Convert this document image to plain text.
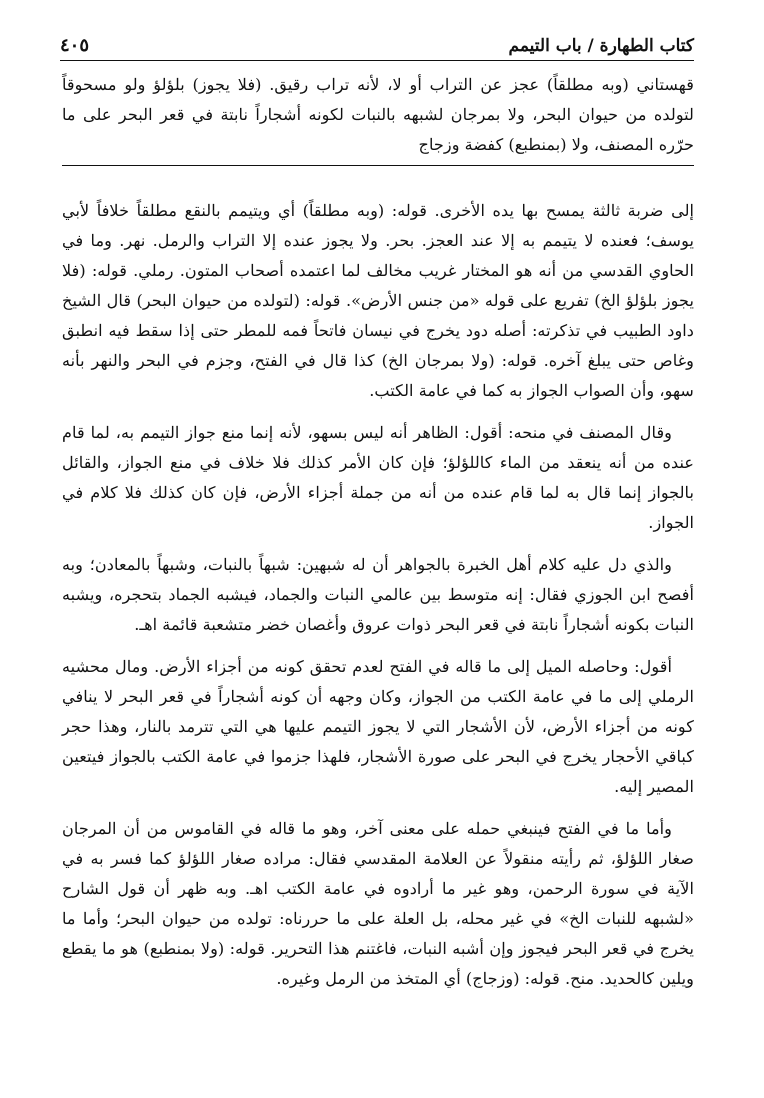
كتاب الطهارة / باب التيمم
٤٠٥
قهستاني (وبه مطلقاً) عجز عن التراب أو لا، لأنه تراب رقيق. (فلا يجوز) بلؤلؤ ولو مسحوقاً لتولده من حيوان البحر، ولا بمرجان لشبهه بالنبات لكونه أشجاراً نابتة في قعر البحر على ما حرّره المصنف، ولا (بمنطبع) كفضة وزجاج

إلى ضربة ثالثة يمسح بها يده الأخرى. قوله: (وبه مطلقاً) أي ويتيمم بالنقع مطلقاً خلافاً لأبي يوسف؛ فعنده لا يتيمم به إلا عند العجز. بحر. ولا يجوز عنده إلا التراب والرمل. نهر. وما في الحاوي القدسي من أنه هو المختار غريب مخالف لما اعتمده أصحاب المتون. رملي. قوله: (فلا يجوز بلؤلؤ الخ) تفريع على قوله «من جنس الأرض». قوله: (لتولده من حيوان البحر) قال الشيخ داود الطبيب في تذكرته: أصله دود يخرج في نيسان فاتحاً فمه للمطر حتى إذا سقط فيه انطبق وغاص حتى يبلغ آخره. قوله: (ولا بمرجان الخ) كذا قال في الفتح، وجزم في البحر والنهر بأنه سهو، وأن الصواب الجواز به كما في عامة الكتب.

وقال المصنف في منحه: أقول: الظاهر أنه ليس بسهو، لأنه إنما منع جواز التيمم به، لما قام عنده من أنه ينعقد من الماء كاللؤلؤ؛ فإن كان الأمر كذلك فلا خلاف في منع الجواز، والقائل بالجواز إنما قال به لما قام عنده من أنه من جملة أجزاء الأرض، فإن كان كذلك فلا كلام في الجواز.

والذي دل عليه كلام أهل الخبرة بالجواهر أن له شبهين: شبهاً بالنبات، وشبهاً بالمعادن؛ وبه أفصح ابن الجوزي فقال: إنه متوسط بين عالمي النبات والجماد، فيشبه الجماد بتحجره، ويشبه النبات بكونه أشجاراً نابتة في قعر البحر ذوات عروق وأغصان خضر متشعبة قائمة اهـ.

أقول: وحاصله الميل إلى ما قاله في الفتح لعدم تحقق كونه من أجزاء الأرض. ومال محشيه الرملي إلى ما في عامة الكتب من الجواز، وكان وجهه أن كونه أشجاراً في قعر البحر لا ينافي كونه من أجزاء الأرض، لأن الأشجار التي لا يجوز التيمم عليها هي التي تترمد بالنار، وهذا حجر كباقي الأحجار يخرج في البحر على صورة الأشجار، فلهذا جزموا في عامة الكتب بالجواز فيتعين المصير إليه.

وأما ما في الفتح فينبغي حمله على معنى آخر، وهو ما قاله في القاموس من أن المرجان صغار اللؤلؤ، ثم رأيته منقولاً عن العلامة المقدسي فقال: مراده صغار اللؤلؤ كما فسر به في الآية في سورة الرحمن، وهو غير ما أرادوه في عامة الكتب اهـ. وبه ظهر أن قول الشارح «لشبهه للنبات الخ» في غير محله، بل العلة على ما حررناه: تولده من حيوان البحر؛ وأما ما يخرج في قعر البحر فيجوز وإن أشبه النبات، فاغتنم هذا التحرير. قوله: (ولا بمنطبع) هو ما يقطع ويلين كالحديد. منح. قوله: (وزجاج) أي المتخذ من الرمل وغيره.
